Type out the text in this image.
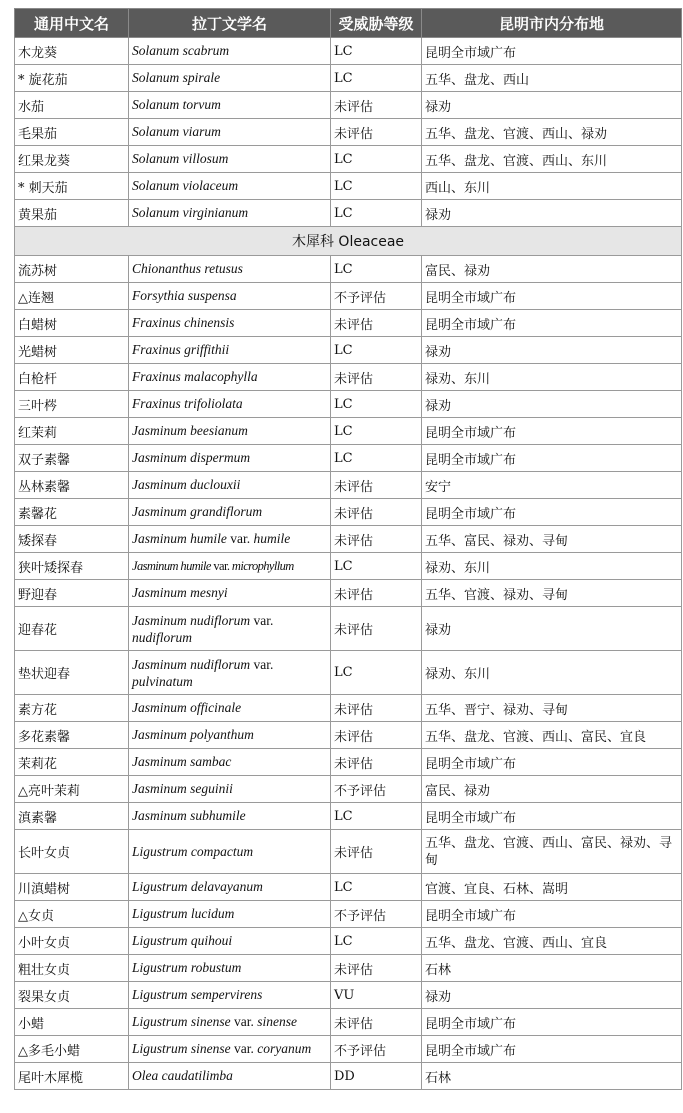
通用中文名	拉丁文学名	受威胁等级	昆明市内分布地
木龙葵	Solanum scabrum	LC	昆明全市域广布
* 旋花茄	Solanum spirale	LC	五华、盘龙、西山
水茄	Solanum torvum	未评估	禄劝
毛果茄	Solanum viarum	未评估	五华、盘龙、官渡、西山、禄劝
红果龙葵	Solanum villosum	LC	五华、盘龙、官渡、西山、东川
* 刺天茄	Solanum violaceum	LC	西山、东川
黄果茄	Solanum virginianum	LC	禄劝
木犀科 Oleaceae			
流苏树	Chionanthus retusus	LC	富民、禄劝
△连翘	Forsythia suspensa	不予评估	昆明全市域广布
白蜡树	Fraxinus chinensis	未评估	昆明全市域广布
光蜡树	Fraxinus griffithii	LC	禄劝
白枪杆	Fraxinus malacophylla	未评估	禄劝、东川
三叶梣	Fraxinus trifoliolata	LC	禄劝
红茉莉	Jasminum beesianum	LC	昆明全市域广布
双子素馨	Jasminum dispermum	LC	昆明全市域广布
丛林素馨	Jasminum duclouxii	未评估	安宁
素馨花	Jasminum grandiflorum	未评估	昆明全市域广布
矮探春	Jasminum humile var. humile	未评估	五华、富民、禄劝、寻甸
狭叶矮探春	Jasminum humile var. microphyllum	LC	禄劝、东川
野迎春	Jasminum mesnyi	未评估	五华、官渡、禄劝、寻甸
迎春花	Jasminum nudiflorum var. nudiflorum	未评估	禄劝
垫状迎春	Jasminum nudiflorum var. pulvinatum	LC	禄劝、东川
素方花	Jasminum officinale	未评估	五华、晋宁、禄劝、寻甸
多花素馨	Jasminum polyanthum	未评估	五华、盘龙、官渡、西山、富民、宜良
茉莉花	Jasminum sambac	未评估	昆明全市域广布
△亮叶茉莉	Jasminum seguinii	不予评估	富民、禄劝
滇素馨	Jasminum subhumile	LC	昆明全市域广布
长叶女贞	Ligustrum compactum	未评估	五华、盘龙、官渡、西山、富民、禄劝、寻甸
川滇蜡树	Ligustrum delavayanum	LC	官渡、宜良、石林、嵩明
△女贞	Ligustrum lucidum	不予评估	昆明全市域广布
小叶女贞	Ligustrum quihoui	LC	五华、盘龙、官渡、西山、宜良
粗壮女贞	Ligustrum robustum	未评估	石林
裂果女贞	Ligustrum sempervirens	VU	禄劝
小蜡	Ligustrum sinense var. sinense	未评估	昆明全市域广布
△多毛小蜡	Ligustrum sinense var. coryanum	不予评估	昆明全市域广布
尾叶木犀榄	Olea caudatilimba	DD	石林
